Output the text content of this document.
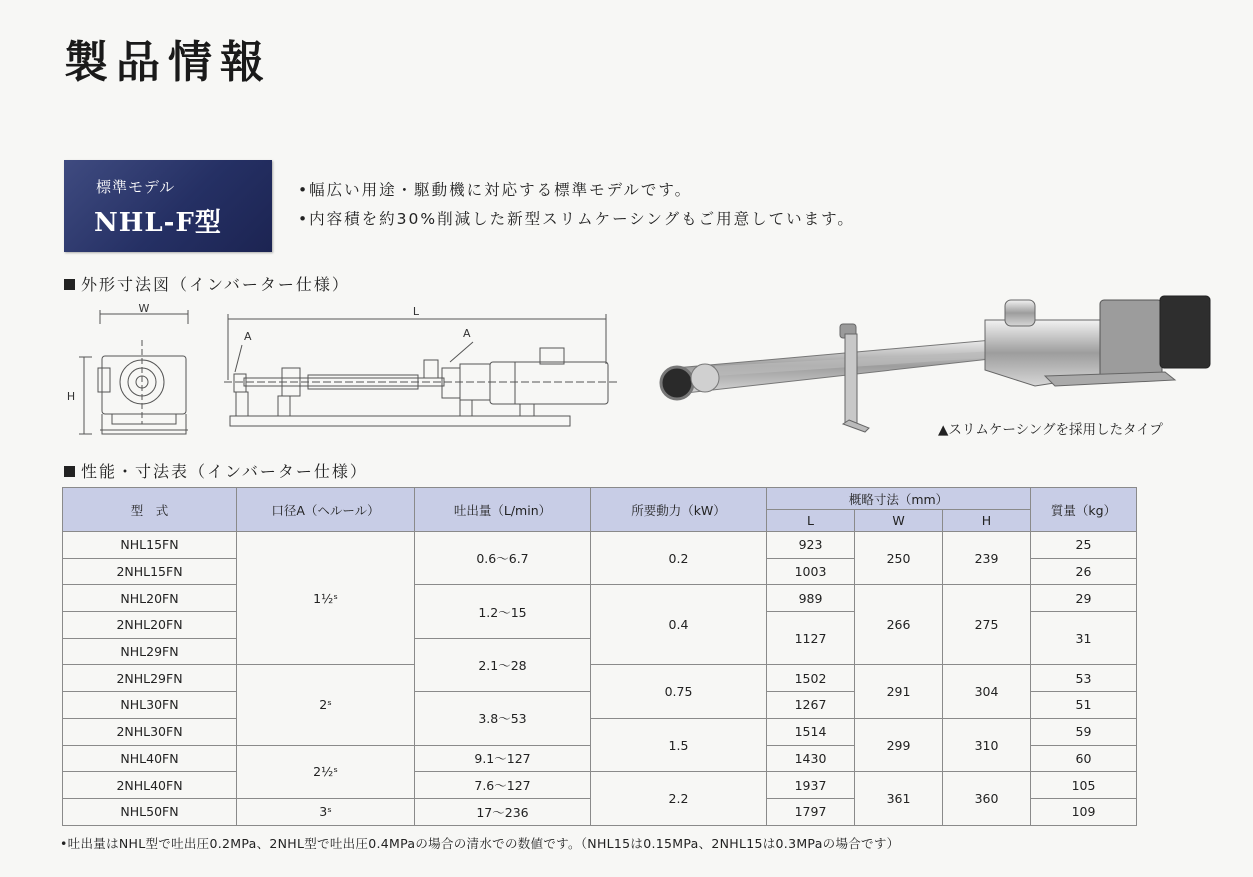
製品情報
標準モデル
NHL-F型
•幅広い用途・駆動機に対応する標準モデルです。
•内容積を約30%削減した新型スリムケーシングもご用意しています。
外形寸法図（インバーター仕様）
W
H
L
A	A
▲スリムケーシングを採用したタイプ
性能・寸法表（インバーター仕様）
型　式	口径A（ヘルール）	吐出量（L/min）	所要動力（kW）	概略寸法（mm）			質量（kg）
				L	W	H	
NHL15FN	1½ˢ	0.6～6.7	0.2	923	250	239	25
2NHL15FN				1003			26
NHL20FN		1.2～15	0.4	989	266	275	29
2NHL20FN				1127			31
NHL29FN		2.1～28					
2NHL29FN	2ˢ		0.75	1502	291	304	53
NHL30FN		3.8～53		1267			51
2NHL30FN			1.5	1514	299	310	59
NHL40FN	2½ˢ	9.1～127		1430			60
2NHL40FN		7.6～127	2.2	1937	361	360	105
NHL50FN	3ˢ	17～236		1797			109
•吐出量はNHL型で吐出圧0.2MPa、2NHL型で吐出圧0.4MPaの場合の清水での数値です。（NHL15は0.15MPa、2NHL15は0.3MPaの場合です）
